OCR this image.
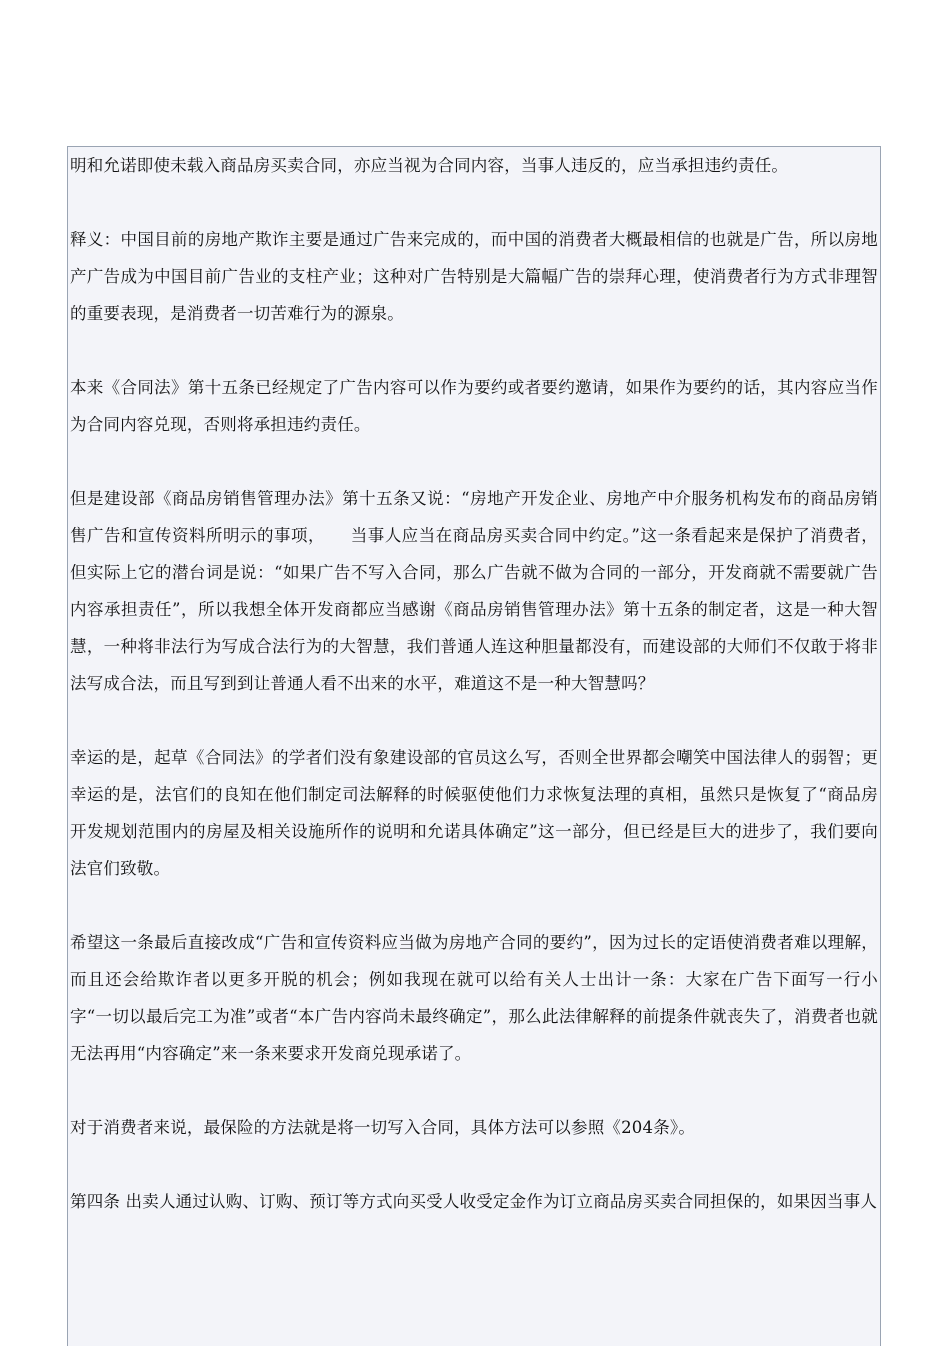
明和允诺即使未载入商品房买卖合同，亦应当视为合同内容，当事人违反的，应当承担违约责任。

释义：中国目前的房地产欺诈主要是通过广告来完成的，而中国的消费者大概最相信的也就是广告，所以房地产广告成为中国目前广告业的支柱产业；这种对广告特别是大篇幅广告的崇拜心理，使消费者行为方式非理智的重要表现，是消费者一切苦难行为的源泉。

本来《合同法》第十五条已经规定了广告内容可以作为要约或者要约邀请，如果作为要约的话，其内容应当作为合同内容兑现，否则将承担违约责任。

但是建设部《商品房销售管理办法》第十五条又说：“房地产开发企业、房地产中介服务机构发布的商品房销售广告和宣传资料所明示的事项，　　当事人应当在商品房买卖合同中约定。”这一条看起来是保护了消费者，但实际上它的潜台词是说：“如果广告不写入合同，那么广告就不做为合同的一部分，开发商就不需要就广告内容承担责任”，所以我想全体开发商都应当感谢《商品房销售管理办法》第十五条的制定者，这是一种大智慧，一种将非法行为写成合法行为的大智慧，我们普通人连这种胆量都没有，而建设部的大师们不仅敢于将非法写成合法，而且写到到让普通人看不出来的水平，难道这不是一种大智慧吗？

幸运的是，起草《合同法》的学者们没有象建设部的官员这么写，否则全世界都会嘲笑中国法律人的弱智；更幸运的是，法官们的良知在他们制定司法解释的时候驱使他们力求恢复法理的真相，虽然只是恢复了“商品房开发规划范围内的房屋及相关设施所作的说明和允诺具体确定”这一部分，但已经是巨大的进步了，我们要向法官们致敬。

希望这一条最后直接改成“广告和宣传资料应当做为房地产合同的要约”，因为过长的定语使消费者难以理解，而且还会给欺诈者以更多开脱的机会；例如我现在就可以给有关人士出计一条：大家在广告下面写一行小字“一切以最后完工为准”或者“本广告内容尚未最终确定”，那么此法律解释的前提条件就丧失了，消费者也就无法再用“内容确定”来一条来要求开发商兑现承诺了。

对于消费者来说，最保险的方法就是将一切写入合同，具体方法可以参照《204条》。

第四条 出卖人通过认购、订购、预订等方式向买受人收受定金作为订立商品房买卖合同担保的，如果因当事人
